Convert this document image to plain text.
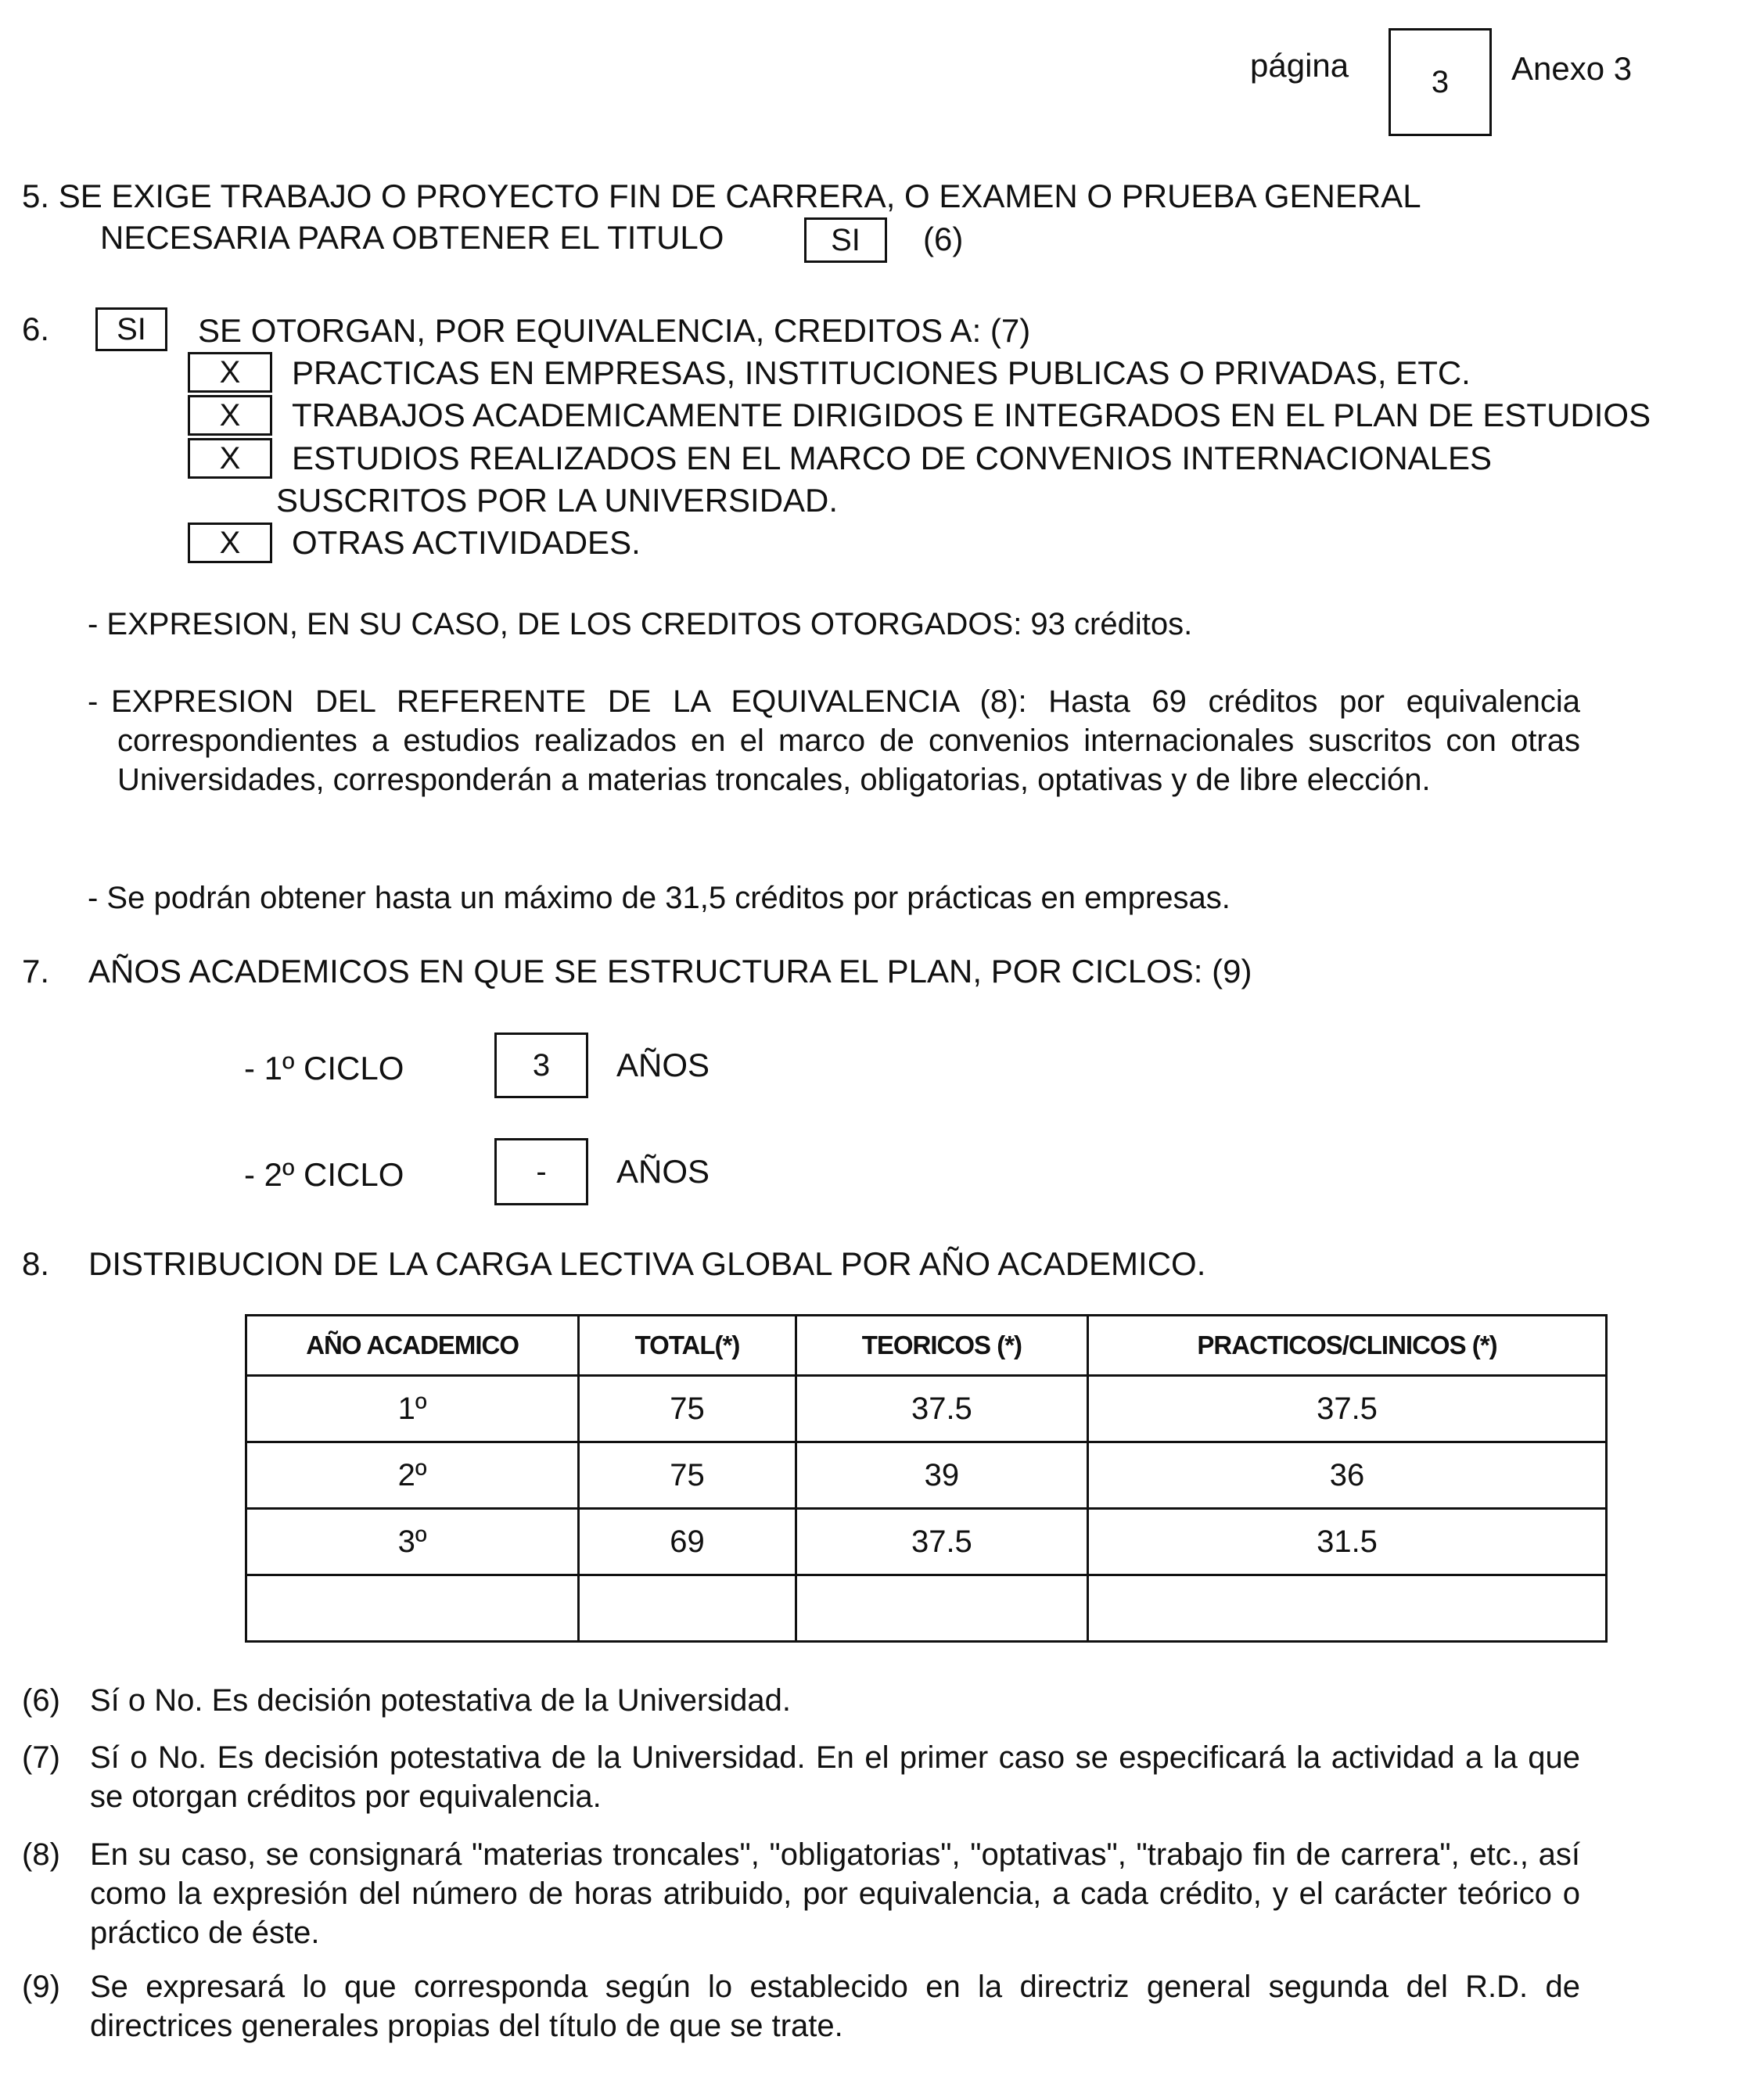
página	3 Anexo 3
5. SE EXIGE TRABAJO O PROYECTO FIN DE CARRERA, O EXAMEN O PRUEBA GENERAL
NECESARIA PARA OBTENER EL TITULO	SI (6)
6. SI SE OTORGAN, POR EQUIVALENCIA, CREDITOS A: (7)
X PRACTICAS EN EMPRESAS, INSTITUCIONES PUBLICAS O PRIVADAS, ETC.
X TRABAJOS ACADEMICAMENTE DIRIGIDOS E INTEGRADOS EN EL PLAN DE ESTUDIOS
X ESTUDIOS REALIZADOS EN EL MARCO DE CONVENIOS INTERNACIONALES
SUSCRITOS POR LA UNIVERSIDAD.
X OTRAS ACTIVIDADES.
- EXPRESION, EN SU CASO, DE LOS CREDITOS OTORGADOS: 93 créditos.
- EXPRESION DEL REFERENTE DE LA EQUIVALENCIA (8): Hasta 69 créditos por equivalencia correspondientes a estudios realizados en el marco de convenios internacionales suscritos con otras Universidades, corresponderán a materias troncales, obligatorias, optativas y de libre elección.
- Se podrán obtener hasta un máximo de 31,5 créditos por prácticas en empresas.
7. AÑOS ACADEMICOS EN QUE SE ESTRUCTURA EL PLAN, POR CICLOS: (9)
- 1º CICLO	3 AÑOS
- 2º CICLO	- AÑOS
8. DISTRIBUCION DE LA CARGA LECTIVA GLOBAL POR AÑO ACADEMICO.
AÑO ACADEMICO	TOTAL(*)	TEORICOS (*)	PRACTICOS/CLINICOS (*)
1º	75	37.5	37.5
2º	75	39	36
3º	69	37.5	31.5

(6) Sí o No. Es decisión potestativa de la Universidad.
(7) Sí o No. Es decisión potestativa de la Universidad. En el primer caso se especificará la actividad a la que se otorgan créditos por equivalencia.
(8) En su caso, se consignará "materias troncales", "obligatorias", "optativas", "trabajo fin de carrera", etc., así como la expresión del número de horas atribuido, por equivalencia, a cada crédito, y el carácter teórico o práctico de éste.
(9) Se expresará lo que corresponda según lo establecido en la directriz general segunda del R.D. de directrices generales propias del título de que se trate.
